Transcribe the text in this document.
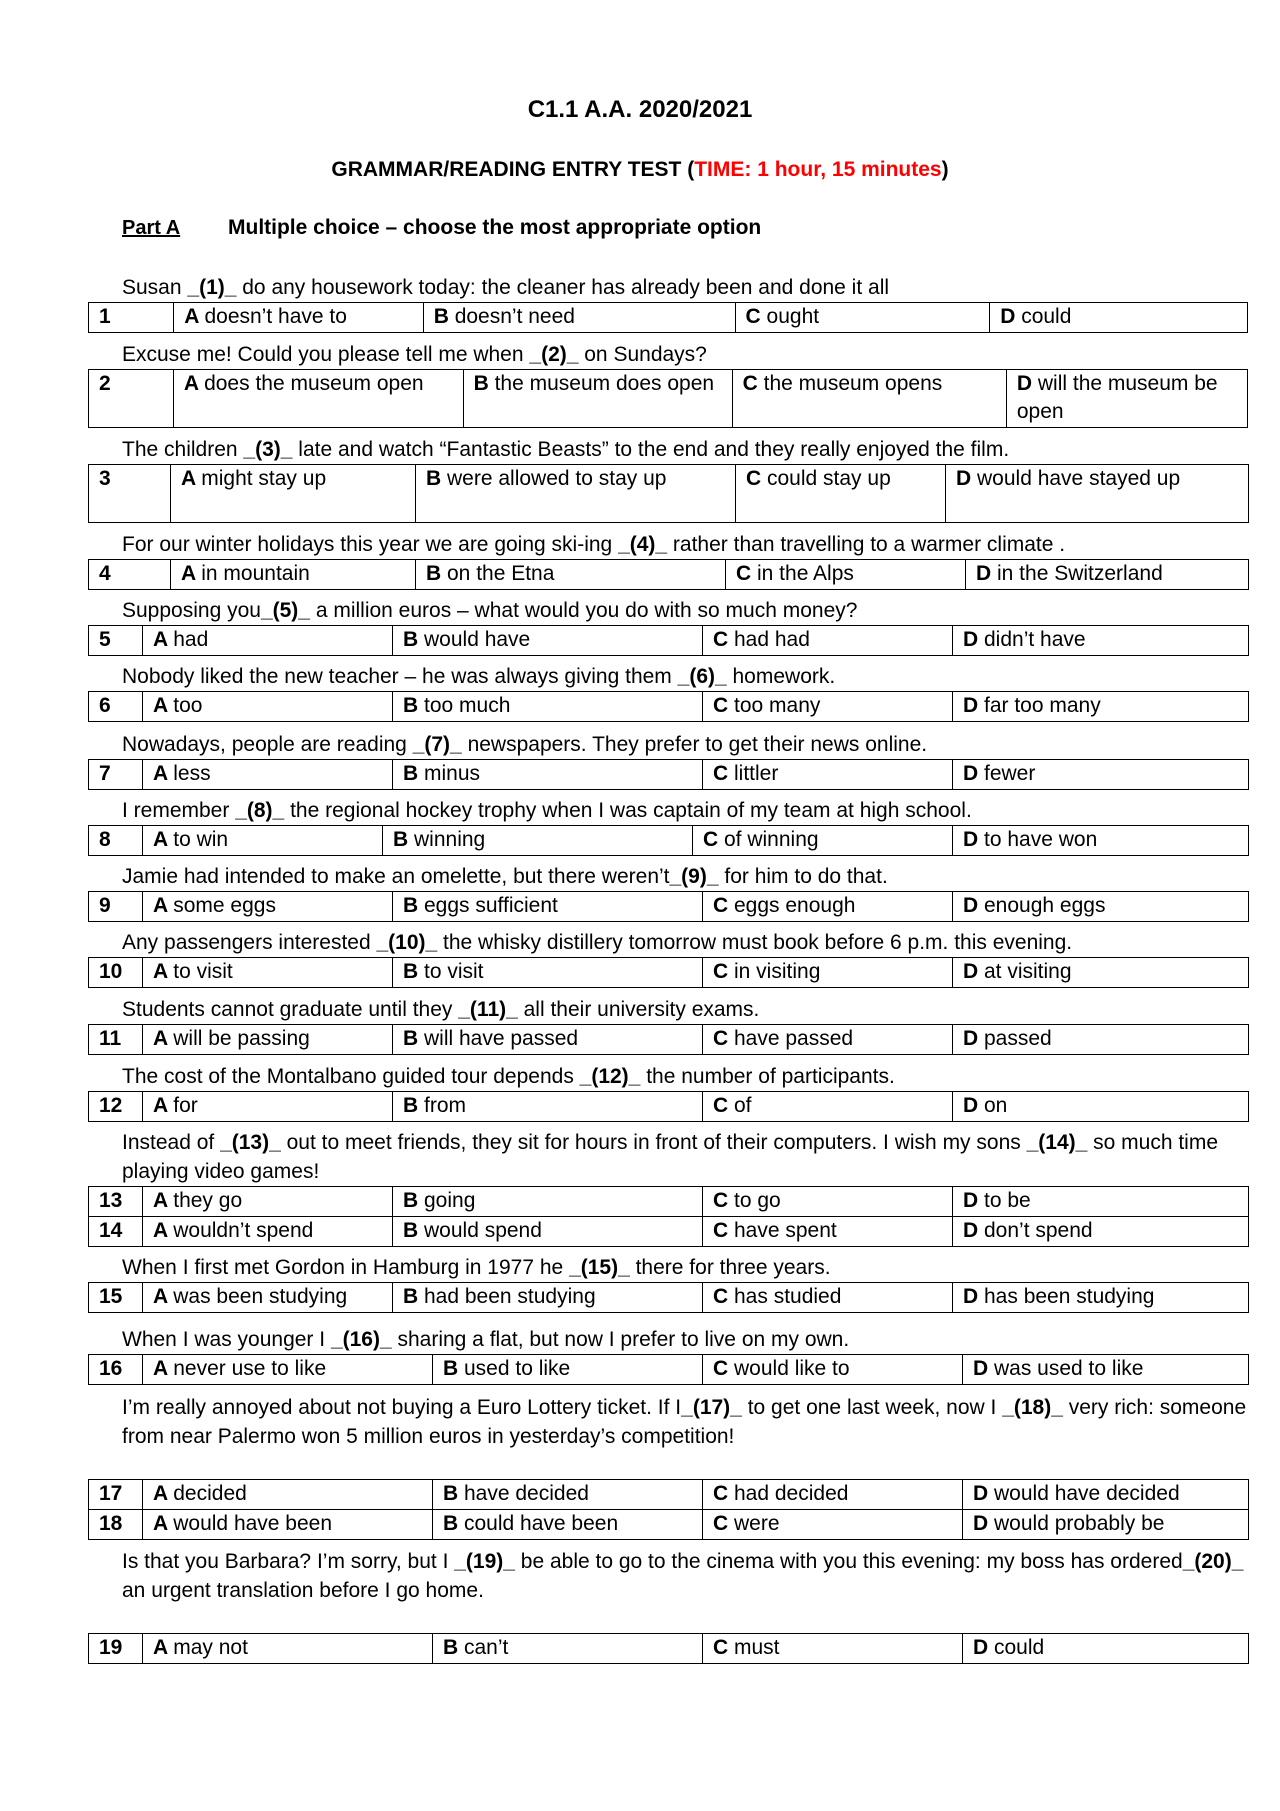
C1.1 A.A. 2020/2021
GRAMMAR/READING ENTRY TEST (TIME: 1 hour, 15 minutes)
Part A Multiple choice – choose the most appropriate option
Susan _(1)_ do any housework today: the cleaner has already been and done it all
1	A doesn’t have to	B doesn’t need	C ought	D could
Excuse me! Could you please tell me when _(2)_ on Sundays?
2	A does the museum open	B the museum does open	C the museum opens	D will the museum be open
The children _(3)_ late and watch “Fantastic Beasts” to the end and they really enjoyed the film.
3	A might stay up	B were allowed to stay up	C could stay up	D would have stayed up
For our winter holidays this year we are going ski-ing _(4)_ rather than travelling to a warmer climate .
4	A in mountain	B on the Etna	C in the Alps	D in the Switzerland
Supposing you_(5)_ a million euros – what would you do with so much money?
5	A had	B would have	C had had	D didn’t have
Nobody liked the new teacher – he was always giving them _(6)_ homework.
6	A too	B too much	C too many	D far too many
Nowadays, people are reading _(7)_ newspapers. They prefer to get their news online.
7	A less	B minus	C littler	D fewer
I remember _(8)_ the regional hockey trophy when I was captain of my team at high school.
8	A to win	B winning	C of winning	D to have won
Jamie had intended to make an omelette, but there weren’t_(9)_ for him to do that.
9	A some eggs	B eggs sufficient	C eggs enough	D enough eggs
Any passengers interested _(10)_ the whisky distillery tomorrow must book before 6 p.m. this evening.
10	A to visit	B to visit	C in visiting	D at visiting
Students cannot graduate until they _(11)_ all their university exams.
11	A will be passing	B will have passed	C have passed	D passed
The cost of the Montalbano guided tour depends _(12)_ the number of participants.
12	A for	B from	C of	D on
Instead of _(13)_ out to meet friends, they sit for hours in front of their computers. I wish my sons _(14)_ so much time playing video games!
13	A they go	B going	C to go	D to be
14	A wouldn’t spend	B would spend	C have spent	D don’t spend
When I first met Gordon in Hamburg in 1977 he _(15)_ there for three years.
15	A was been studying	B had been studying	C has studied	D has been studying
When I was younger I _(16)_ sharing a flat, but now I prefer to live on my own.
16	A never use to like	B used to like	C would like to	D was used to like
I’m really annoyed about not buying a Euro Lottery ticket. If I_(17)_ to get one last week, now I _(18)_ very rich: someone from near Palermo won 5 million euros in yesterday’s competition!
17	A decided	B have decided	C had decided	D would have decided
18	A would have been	B could have been	C were	D would probably be
Is that you Barbara? I’m sorry, but I _(19)_ be able to go to the cinema with you this evening: my boss has ordered_(20)_ an urgent translation before I go home.
19	A may not	B can’t	C must	D could
